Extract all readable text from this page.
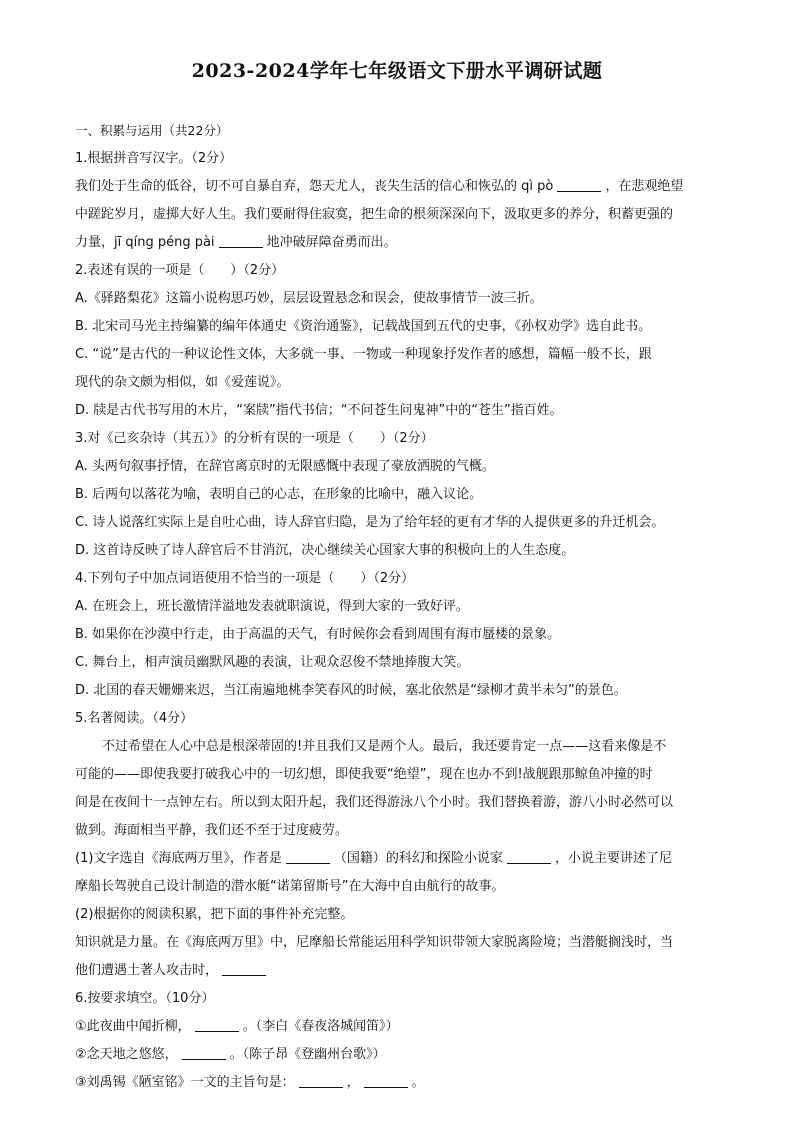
2023-2024学年七年级语文下册水平调研试题
一、积累与运用（共22分）
1.根据拼音写汉字。（2分）
我们处于生命的低谷，切不可自暴自弃，怨天尤人，丧失生活的信心和恢弘的 qì pò	，在悲观绝望
中蹉跎岁月，虚掷大好人生。我们要耐得住寂寞，把生命的根须深深向下，汲取更多的养分，积蓄更强的
力量，jī qíng péng pài	地冲破屏障奋勇而出。
2.表述有误的一项是（　　）（2分）
A.《驿路梨花》这篇小说构思巧妙，层层设置悬念和误会，使故事情节一波三折。
B. 北宋司马光主持编纂的编年体通史《资治通鉴》，记载战国到五代的史事，《孙权劝学》选自此书。
C. “说”是古代的一种议论性文体，大多就一事、一物或一种现象抒发作者的感想，篇幅一般不长，跟
现代的杂文颇为相似，如《爱莲说》。
D. 牍是古代书写用的木片，“案牍”指代书信；“不问苍生问鬼神”中的“苍生”指百姓。
3.对《己亥杂诗（其五）》的分析有误的一项是（　　）（2分）
A. 头两句叙事抒情，在辞官离京时的无限感慨中表现了豪放洒脱的气概。
B. 后两句以落花为喻，表明自己的心志，在形象的比喻中，融入议论。
C. 诗人说落红实际上是自吐心曲，诗人辞官归隐，是为了给年轻的更有才华的人提供更多的升迁机会。
D. 这首诗反映了诗人辞官后不甘消沉，决心继续关心国家大事的积极向上的人生态度。
4.下列句子中加点词语使用不恰当的一项是（　　）（2分）
A. 在班会上，班长激情洋溢地发表就职演说，得到大家的一致好评。
B. 如果你在沙漠中行走，由于高温的天气，有时候你会看到周围有海市蜃楼的景象。
C. 舞台上，相声演员幽默风趣的表演，让观众忍俊不禁地捧腹大笑。
D. 北国的春天姗姗来迟，当江南遍地桃李笑春风的时候，塞北依然是“绿柳才黄半未匀”的景色。
5.名著阅读。（4分）
不过希望在人心中总是根深蒂固的!并且我们又是两个人。最后，我还要肯定一点——这看来像是不
可能的——即使我要打破我心中的一切幻想，即使我要“绝望”，现在也办不到!战舰跟那鲸鱼冲撞的时
间是在夜间十一点钟左右。所以到太阳升起，我们还得游泳八个小时。我们替换着游，游八小时必然可以
做到。海面相当平静，我们还不至于过度疲劳。
(1)文字选自《海底两万里》，作者是	（国籍）的科幻和探险小说家	，小说主要讲述了尼
摩船长驾驶自己设计制造的潜水艇“诺第留斯号”在大海中自由航行的故事。
(2)根据你的阅读积累，把下面的事件补充完整。
知识就是力量。在《海底两万里》中，尼摩船长常能运用科学知识带领大家脱离险境；当潜艇搁浅时，当
他们遭遇土著人攻击时，
6.按要求填空。（10分）
①此夜曲中闻折柳，	。（李白《春夜洛城闻笛》）
②念天地之悠悠，	。（陈子昂《登幽州台歌》）
③刘禹锡《陋室铭》一文的主旨句是：	，	。
